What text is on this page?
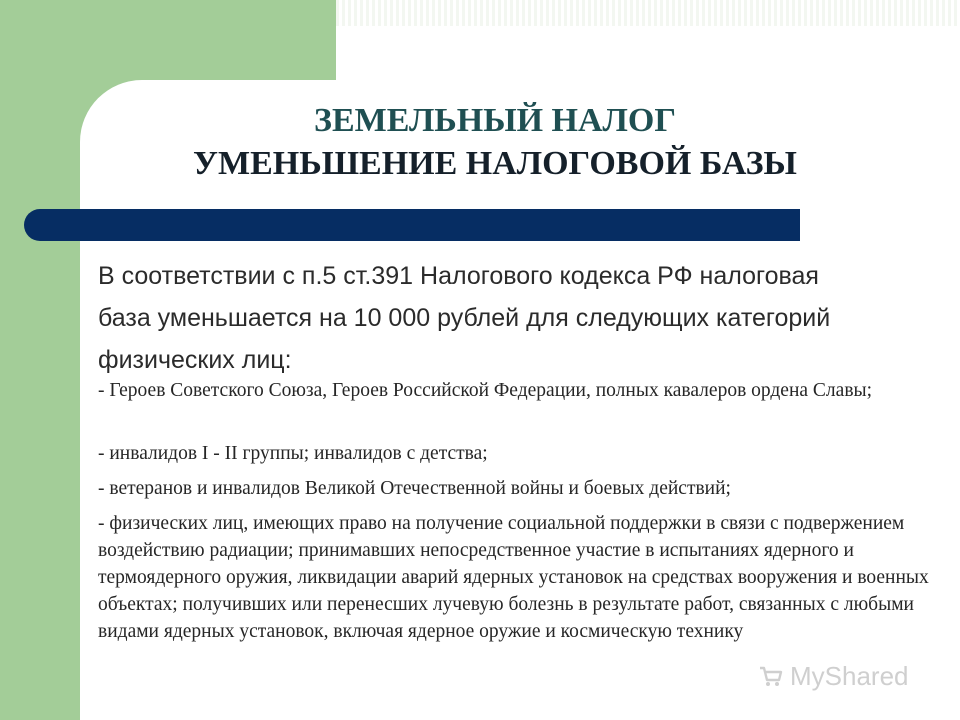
ЗЕМЕЛЬНЫЙ НАЛОГ
УМЕНЬШЕНИЕ НАЛОГОВОЙ БАЗЫ
В соответствии с п.5 ст.391 Налогового кодекса РФ налоговая база уменьшается на 10 000 рублей для следующих категорий физических лиц:
- Героев Советского Союза, Героев Российской Федерации, полных кавалеров ордена Славы;
- инвалидов I - II группы; инвалидов с детства;
- ветеранов и инвалидов Великой Отечественной войны и боевых действий;
- физических лиц, имеющих право на получение социальной поддержки в связи с подвержением воздействию радиации; принимавших непосредственное участие в испытаниях ядерного и термоядерного оружия, ликвидации аварий ядерных установок на средствах вооружения и военных объектах; получивших или перенесших лучевую болезнь в результате работ, связанных с любыми видами ядерных установок, включая ядерное оружие и космическую технику
MyShared
